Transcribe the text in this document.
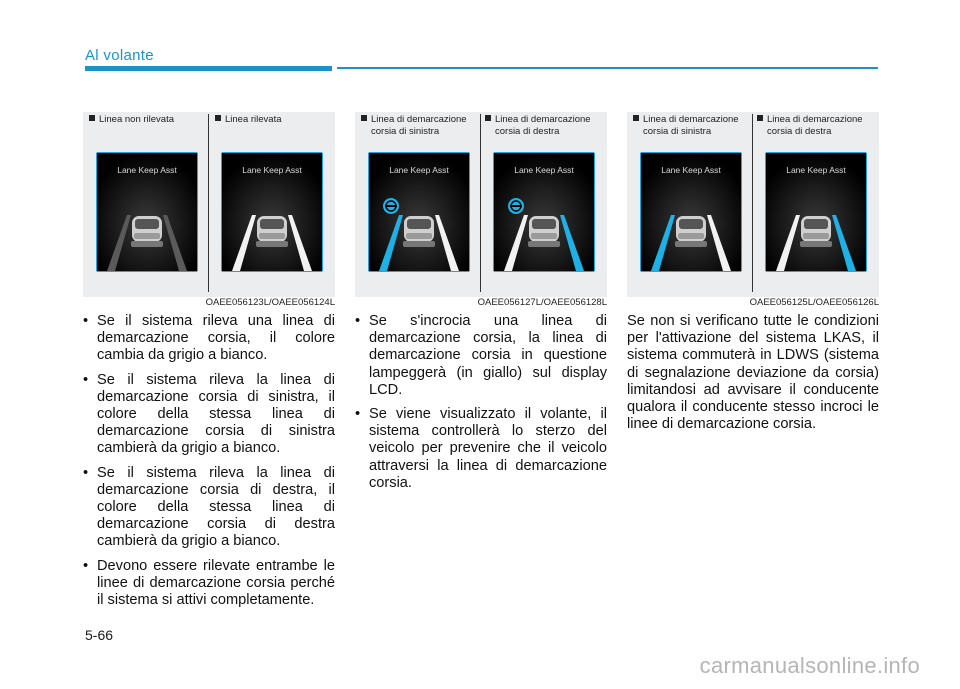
Al volante
Linea non rilevata	Linea rilevata
Lane Keep Asst	Lane Keep Asst
OAEE056123L/OAEE056124L
Linea di demarcazione
corsia di sinistra
Linea di demarcazione
corsia di destra
Lane Keep Asst	Lane Keep Asst
OAEE056127L/OAEE056128L
Linea di demarcazione
corsia di sinistra
Linea di demarcazione
corsia di destra
Lane Keep Asst	Lane Keep Asst
OAEE056125L/OAEE056126L
• Se il sistema rileva una linea di demarcazione corsia, il colore cambia da grigio a bianco.
• Se il sistema rileva la linea di demarcazione corsia di sinistra, il colore della stessa linea di demarcazione corsia di sinistra cambierà da grigio a bianco.
• Se il sistema rileva la linea di demarcazione corsia di destra, il colore della stessa linea di demarcazione corsia di destra cambierà da grigio a bianco.
• Devono essere rilevate entrambe le linee di demarcazione corsia perché il sistema si attivi completamente.
• Se s'incrocia una linea di demarcazione corsia, la linea di demarcazione corsia in questione lampeggerà (in giallo) sul display LCD.
• Se viene visualizzato il volante, il sistema controllerà lo sterzo del veicolo per prevenire che il veicolo attraversi la linea di demarcazione corsia.

Se non si verificano tutte le condizioni per l'attivazione del sistema LKAS, il sistema commuterà in LDWS (sistema di segnalazione deviazione da corsia) limitandosi ad avvisare il conducente qualora il conducente stesso incroci le linee di demarcazione corsia.

5-66
carmanualsonline.info
